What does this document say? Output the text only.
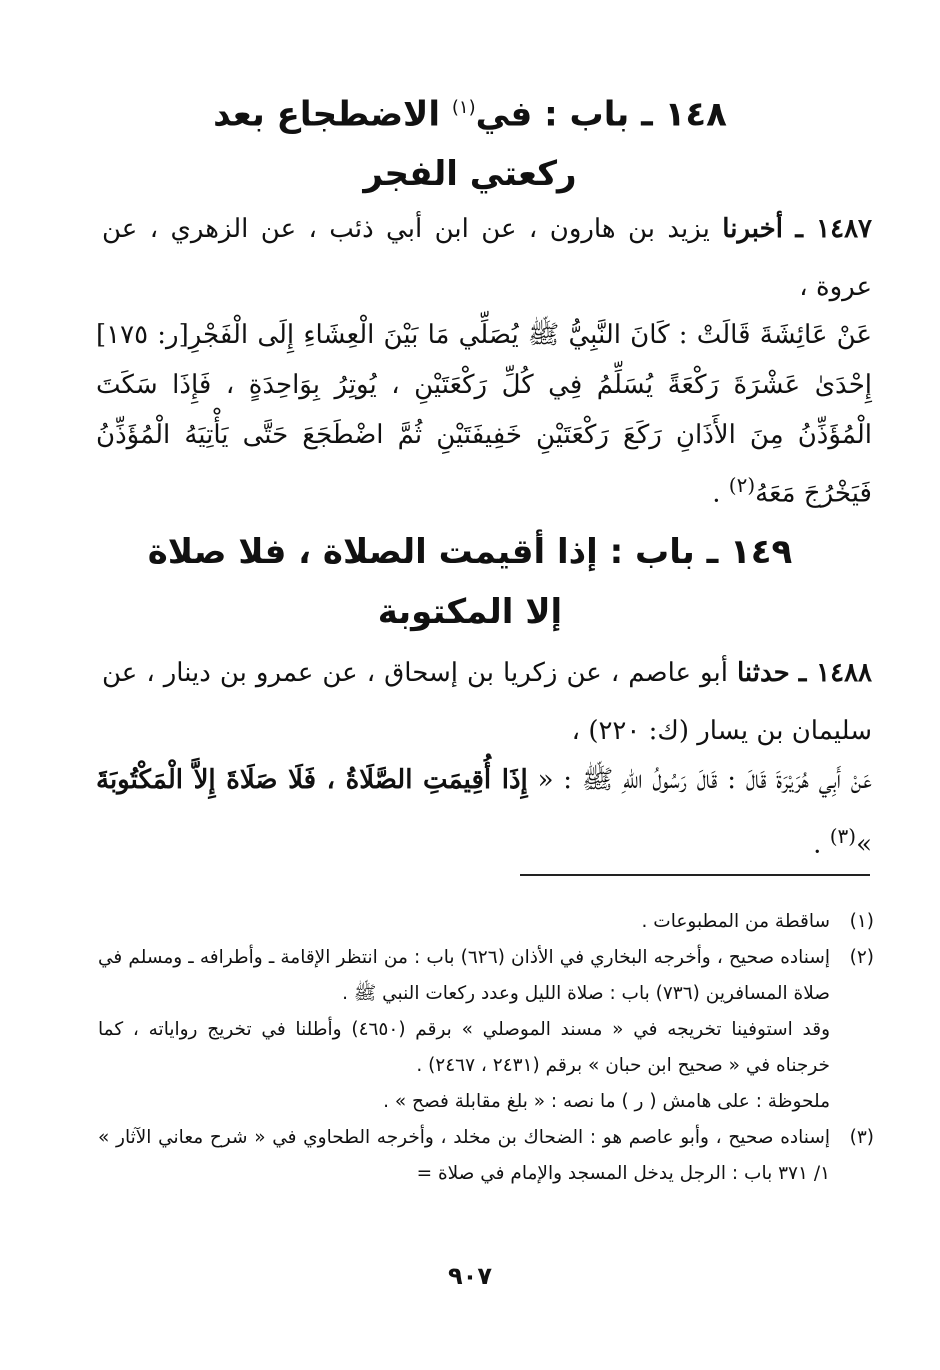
١٤٨ ـ باب : في$^{(١)}$ الاضطجاع بعد
ركعتي الفجر
١٤٨٧ ـ أخبرنا يزيد بن هارون ، عن ابن أبي ذئب ، عن الزهري ، عن عروة ،
عَنْ عَائِشَةَ قَالَتْ : كَانَ النَّبِيُّ ﷺ يُصَلِّي مَا بَيْنَ الْعِشَاءِ إِلَى الْفَجْرِ[ر: ١٧٥] إِحْدَىٰ عَشْرَةَ رَكْعَةً يُسَلِّمُ فِي كُلِّ رَكْعَتَيْنِ ، يُوتِرُ بِوَاحِدَةٍ ، فَإِذَا سَكَتَ الْمُؤَذِّنُ مِنَ الأَذَانِ رَكَعَ رَكْعَتَيْنِ خَفِيفَتَيْنِ ثُمَّ اضْطَجَعَ حَتَّى يَأْتِيَهُ الْمُؤَذِّنُ فَيَخْرُجَ مَعَهُ$^{(٢)}$ .
١٤٩ ـ باب : إذا أقيمت الصلاة ، فلا صلاة
إلا المكتوبة
١٤٨٨ ـ حدثنا أبو عاصم ، عن زكريا بن إسحاق ، عن عمرو بن دينار ، عن سليمان بن يسار (ك: ٢٢٠) ،
عَنْ أَبِي هُرَيْرَةَ قَالَ : قَالَ رَسُولُ اللهِ ﷺ : « إِذَا أُقِيمَتِ الصَّلَاةُ ، فَلَا صَلَاةَ إِلاَّ الْمَكْتُوبَةَ »$^{(٣)}$ .
(١)

ساقطة من المطبوعات .

(٢)

إسناده صحيح ، وأخرجه البخاري في الأذان (٦٢٦) باب : من انتظر الإقامة ـ وأطرافه ـ ومسلم في صلاة المسافرين (٧٣٦) باب : صلاة الليل وعدد ركعات النبي ﷺ .

وقد استوفينا تخريجه في « مسند الموصلي » برقم (٤٦٥٠) وأطلنا في تخريج رواياته ، كما خرجناه في « صحيح ابن حبان » برقم (٢٤٣١ ، ٢٤٦٧) .

ملحوظة : على هامش ( ر ) ما نصه : « بلغ مقابلة فصح » .

(٣)

إسناده صحيح ، وأبو عاصم هو : الضحاك بن مخلد ، وأخرجه الطحاوي في « شرح معاني الآثار » ١/ ٣٧١ باب : الرجل يدخل المسجد والإمام في صلاة =

٩٠٧
